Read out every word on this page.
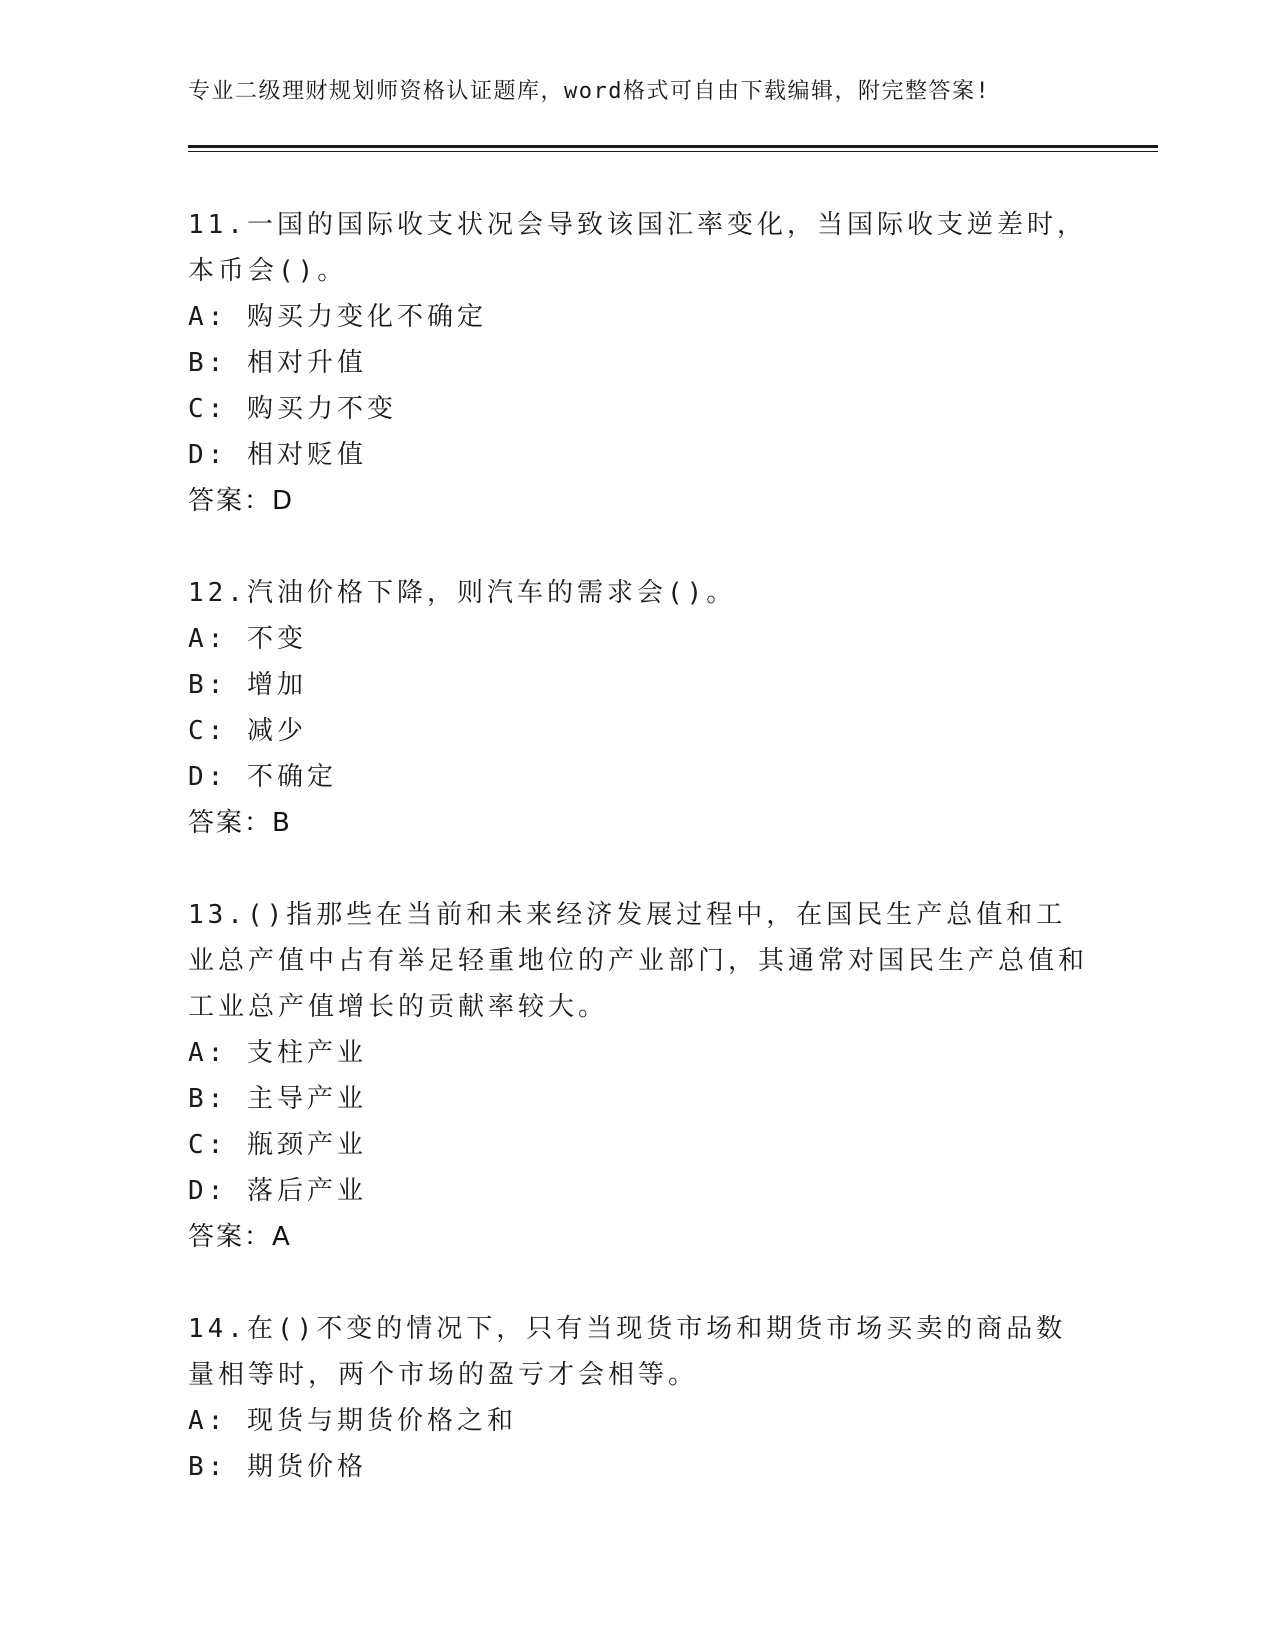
专业二级理财规划师资格认证题库，word格式可自由下载编辑，附完整答案!

11.一国的国际收支状况会导致该国汇率变化，当国际收支逆差时，本币会()。

A: 购买力变化不确定

B: 相对升值

C: 购买力不变

D: 相对贬值

答案：D

12.汽油价格下降，则汽车的需求会()。

A: 不变

B: 增加

C: 减少

D: 不确定

答案：B

13.()指那些在当前和未来经济发展过程中，在国民生产总值和工业总产值中占有举足轻重地位的产业部门，其通常对国民生产总值和工业总产值增长的贡献率较大。

A: 支柱产业

B: 主导产业

C: 瓶颈产业

D: 落后产业

答案：A

14.在()不变的情况下，只有当现货市场和期货市场买卖的商品数量相等时，两个市场的盈亏才会相等。

A: 现货与期货价格之和

B: 期货价格
